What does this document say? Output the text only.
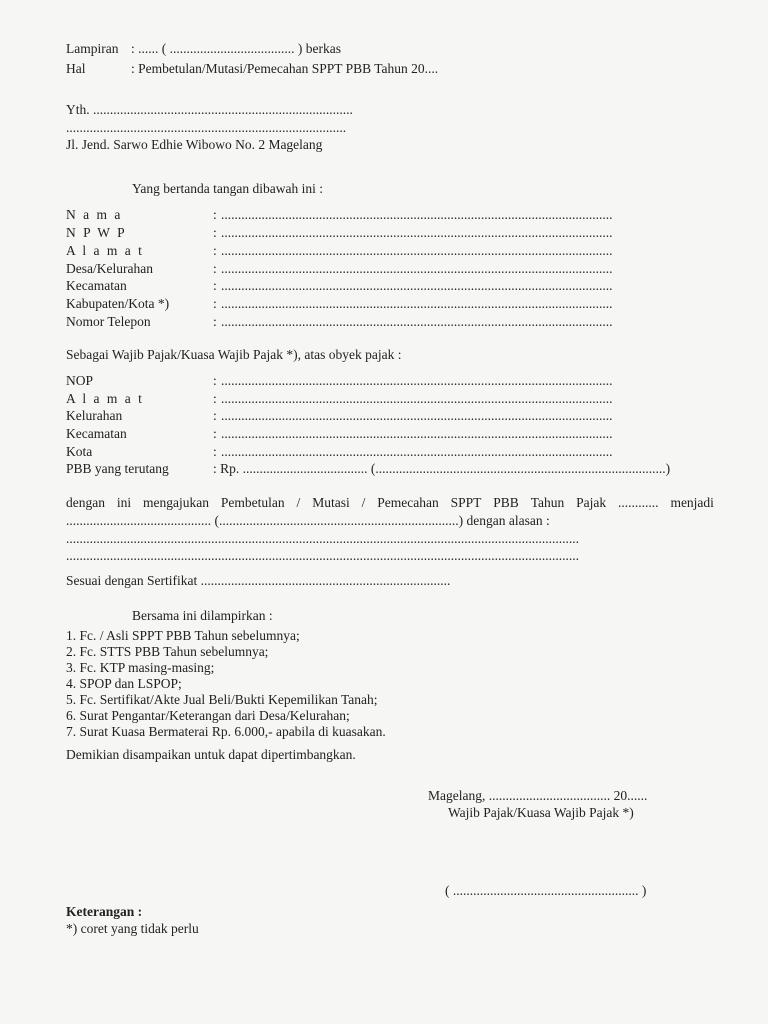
Lampiran : ...... ( ..................................... ) berkas
Hal	: Pembetulan/Mutasi/Pemecahan SPPT PBB Tahun 20....
Yth. .............................................................................
...................................................................................
Jl. Jend. Sarwo Edhie Wibowo No. 2 Magelang
Yang bertanda tangan dibawah ini :
N a m a	: ....................................................................................................................
N P W P	: ....................................................................................................................
A l a m a t	: ....................................................................................................................
Desa/Kelurahan	: ....................................................................................................................
Kecamatan	: ....................................................................................................................
Kabupaten/Kota *)	: ....................................................................................................................
Nomor Telepon	: ....................................................................................................................
Sebagai Wajib Pajak/Kuasa Wajib Pajak *), atas obyek pajak :
NOP	: ....................................................................................................................
A l a m a t	: ....................................................................................................................
Kelurahan	: ....................................................................................................................
Kecamatan	: ....................................................................................................................
Kota	: ....................................................................................................................
PBB yang terutang	: Rp. ..................................... (......................................................................................)
dengan ini mengajukan Pembetulan / Mutasi / Pemecahan SPPT PBB Tahun Pajak ............ menjadi
........................................... (.......................................................................) dengan alasan :
........................................................................................................................................................
........................................................................................................................................................
Sesuai dengan Sertifikat ..........................................................................
Bersama ini dilampirkan :
1. Fc. / Asli SPPT PBB Tahun sebelumnya;
2. Fc. STTS PBB Tahun sebelumnya;
3. Fc. KTP masing-masing;
4. SPOP dan LSPOP;
5. Fc. Sertifikat/Akte Jual Beli/Bukti Kepemilikan Tanah;
6. Surat Pengantar/Keterangan dari Desa/Kelurahan;
7. Surat Kuasa Bermaterai Rp. 6.000,- apabila di kuasakan.
Demikian disampaikan untuk dapat dipertimbangkan.
Magelang, .................................... 20......
Wajib Pajak/Kuasa Wajib Pajak *)
( ....................................................... )
Keterangan :
*) coret yang tidak perlu
